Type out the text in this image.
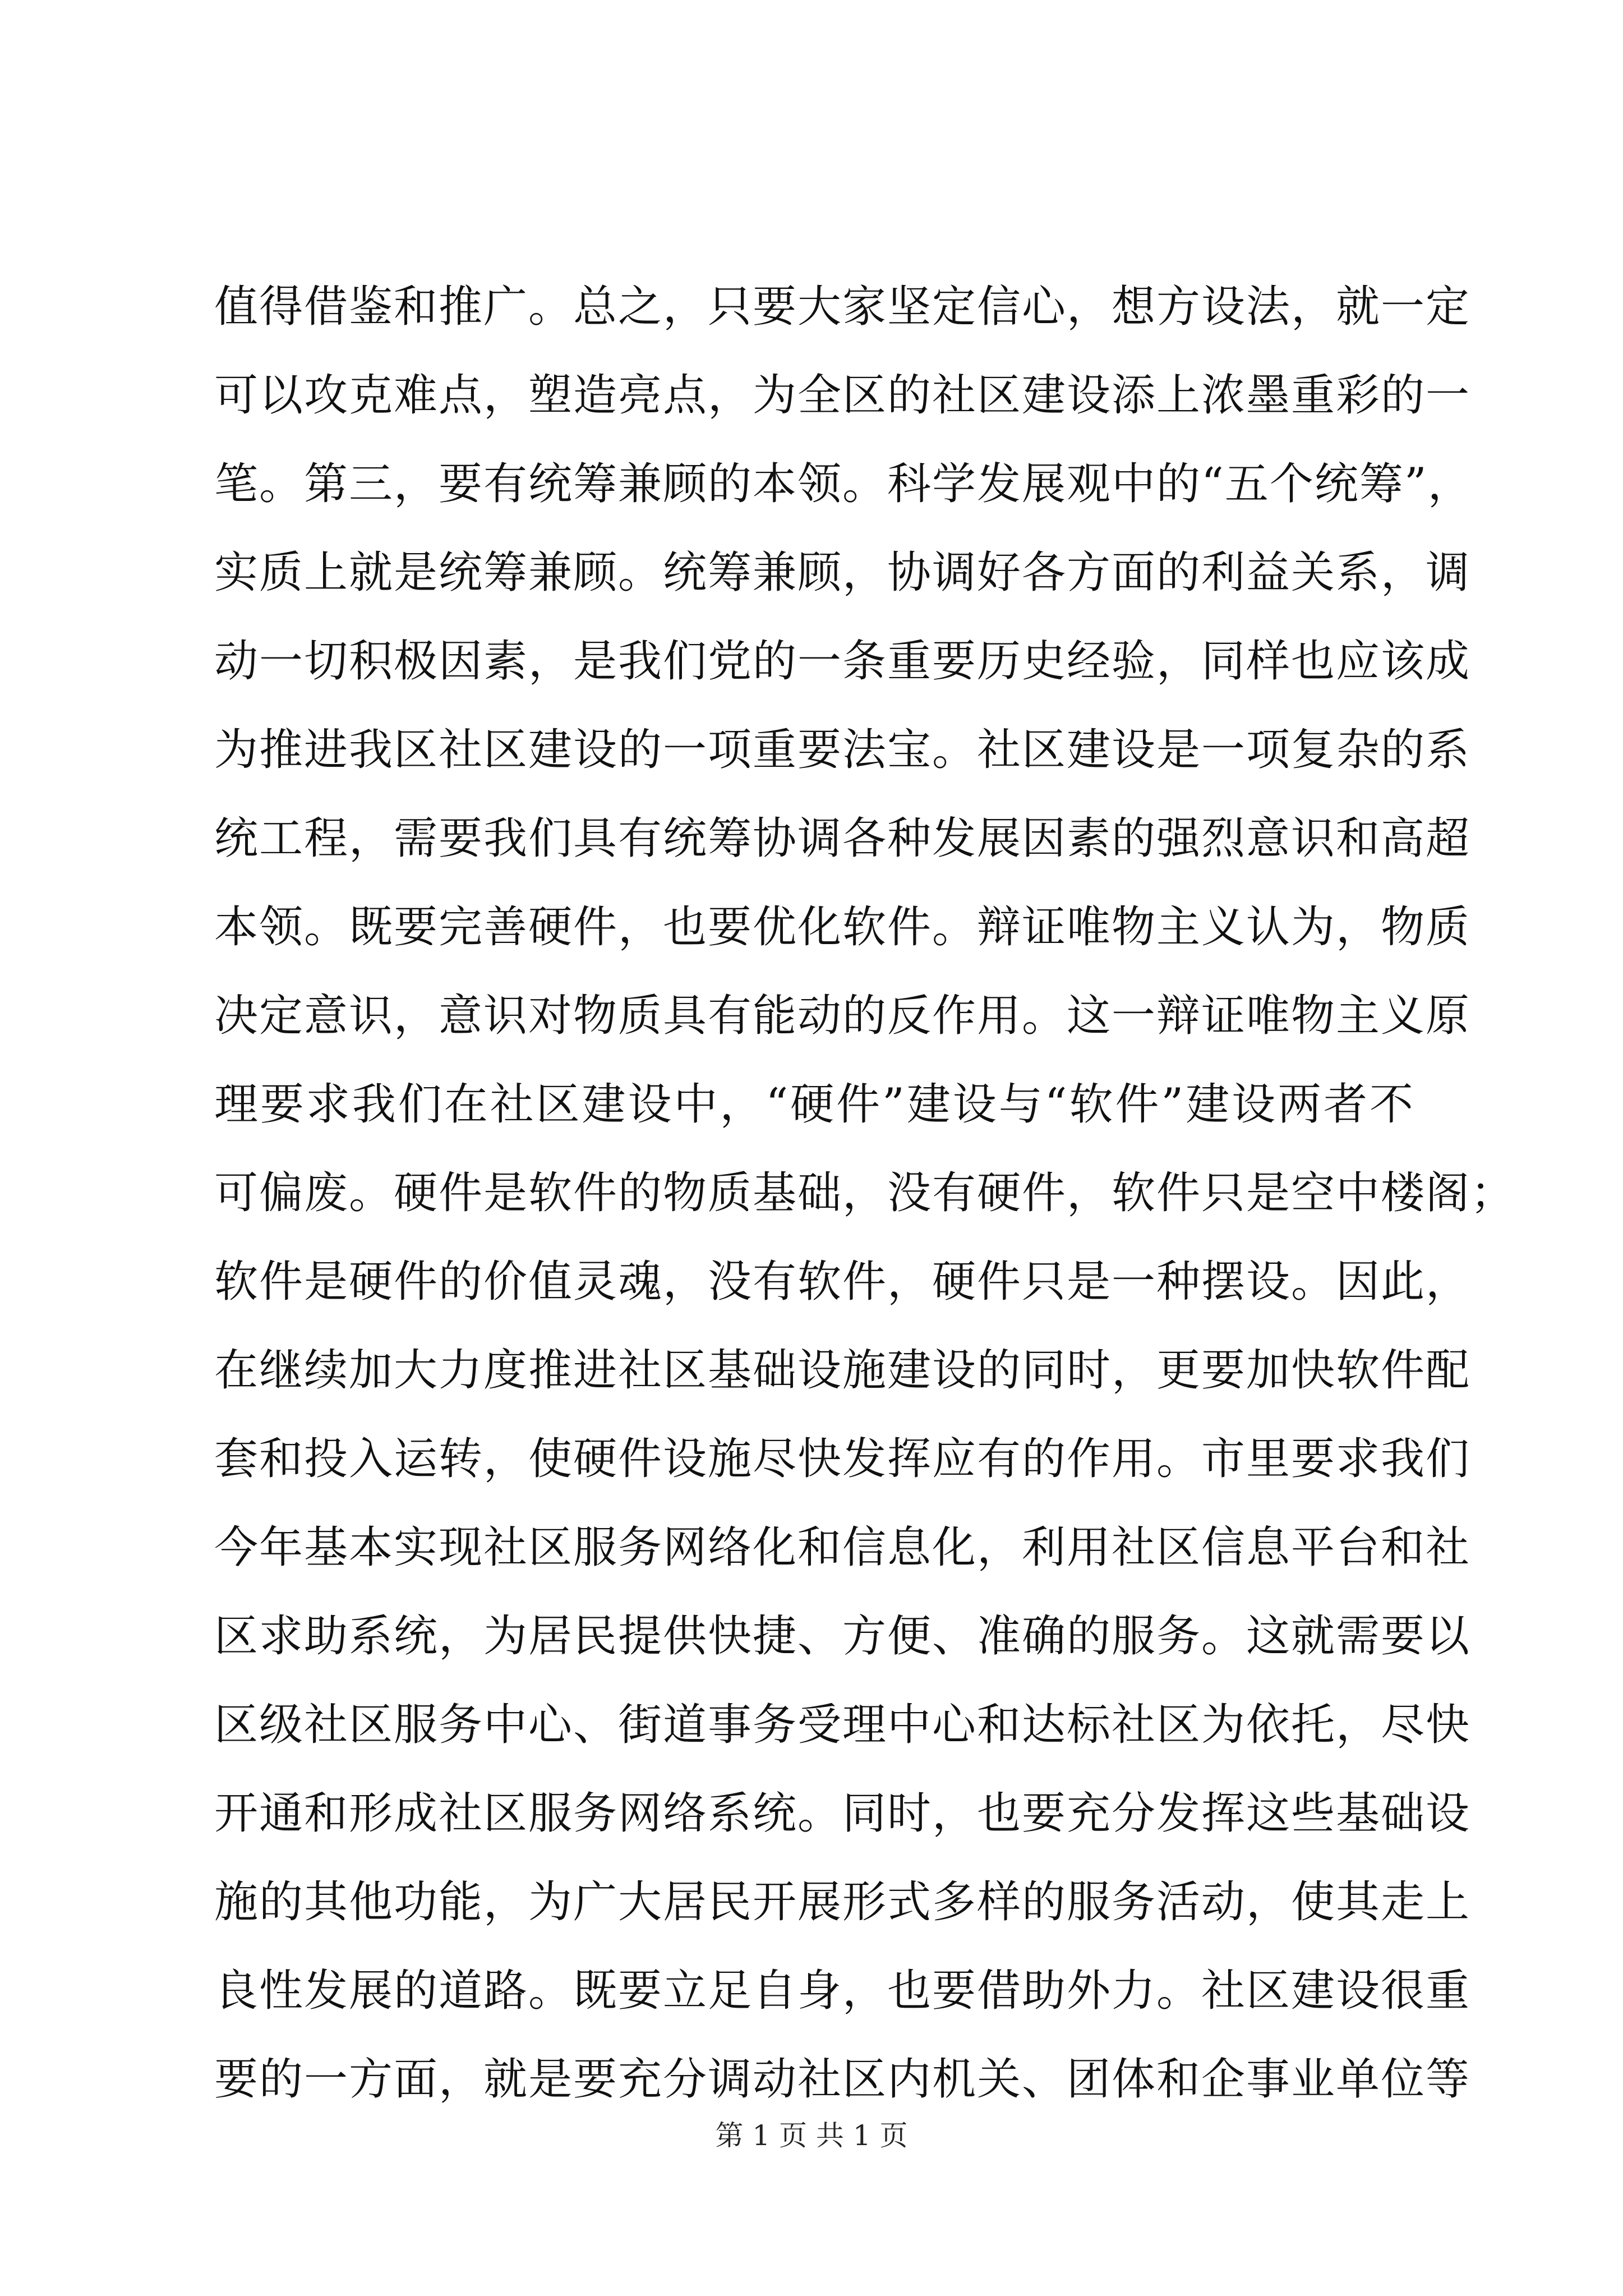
值得借鉴和推广。总之，只要大家坚定信心，想方设法，就一定
可以攻克难点，塑造亮点，为全区的社区建设添上浓墨重彩的一
笔。第三，要有统筹兼顾的本领。科学发展观中的“五个统筹”，
实质上就是统筹兼顾。统筹兼顾，协调好各方面的利益关系，调
动一切积极因素，是我们党的一条重要历史经验，同样也应该成
为推进我区社区建设的一项重要法宝。社区建设是一项复杂的系
统工程，需要我们具有统筹协调各种发展因素的强烈意识和高超
本领。既要完善硬件，也要优化软件。辩证唯物主义认为，物质
决定意识，意识对物质具有能动的反作用。这一辩证唯物主义原
理要求我们在社区建设中，“硬件”建设与“软件”建设两者不
可偏废。硬件是软件的物质基础，没有硬件，软件只是空中楼阁；
软件是硬件的价值灵魂，没有软件，硬件只是一种摆设。因此，
在继续加大力度推进社区基础设施建设的同时，更要加快软件配
套和投入运转，使硬件设施尽快发挥应有的作用。市里要求我们
今年基本实现社区服务网络化和信息化，利用社区信息平台和社
区求助系统，为居民提供快捷、方便、准确的服务。这就需要以
区级社区服务中心、街道事务受理中心和达标社区为依托，尽快
开通和形成社区服务网络系统。同时，也要充分发挥这些基础设
施的其他功能，为广大居民开展形式多样的服务活动，使其走上
良性发展的道路。既要立足自身，也要借助外力。社区建设很重
要的一方面，就是要充分调动社区内机关、团体和企事业单位等
第 1 页 共 1 页
